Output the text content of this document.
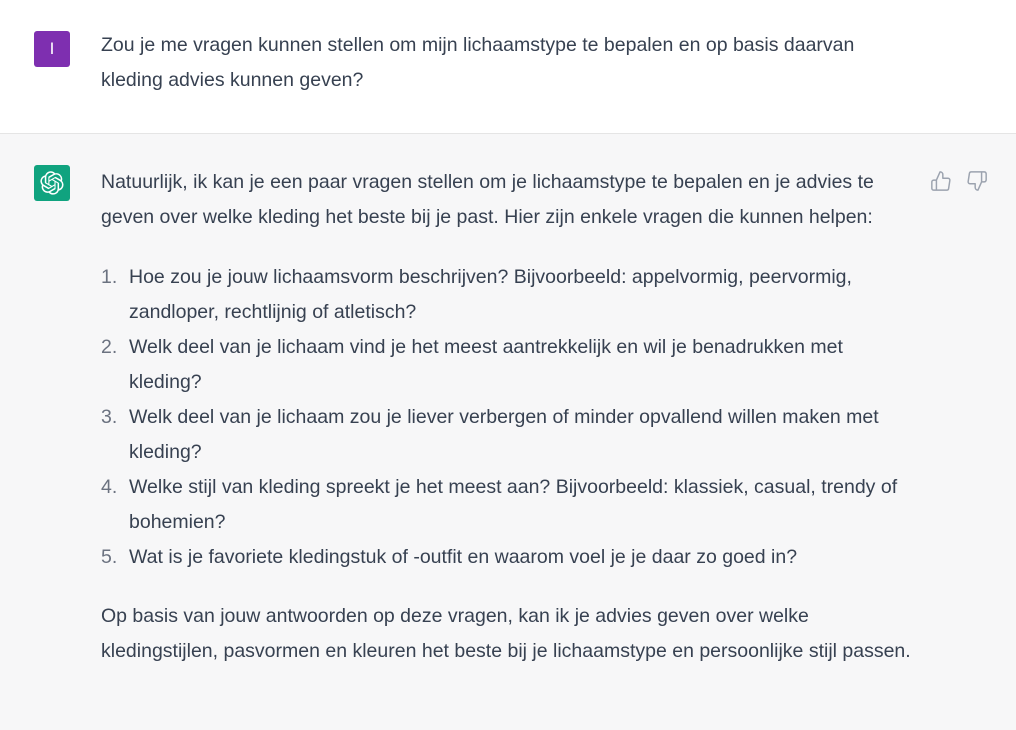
I Zou je me vragen kunnen stellen om mijn lichaamstype te bepalen en op basis daarvan kleding advies kunnen geven?

Natuurlijk, ik kan je een paar vragen stellen om je lichaamstype te bepalen en je advies te geven over welke kleding het beste bij je past. Hier zijn enkele vragen die kunnen helpen:

1. Hoe zou je jouw lichaamsvorm beschrijven? Bijvoorbeeld: appelvormig, peervormig, zandloper, rechtlijnig of atletisch?
2. Welk deel van je lichaam vind je het meest aantrekkelijk en wil je benadrukken met kleding?
3. Welk deel van je lichaam zou je liever verbergen of minder opvallend willen maken met kleding?
4. Welke stijl van kleding spreekt je het meest aan? Bijvoorbeeld: klassiek, casual, trendy of bohemien?
5. Wat is je favoriete kledingstuk of -outfit en waarom voel je je daar zo goed in?

Op basis van jouw antwoorden op deze vragen, kan ik je advies geven over welke kledingstijlen, pasvormen en kleuren het beste bij je lichaamstype en persoonlijke stijl passen.
